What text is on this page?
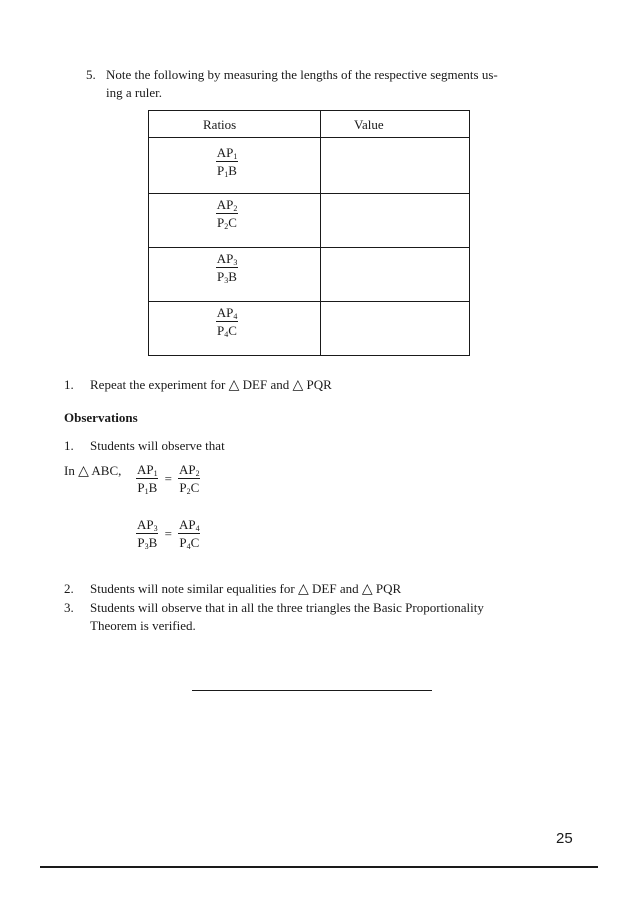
5. Note the following by measuring the lengths of the respective segments us-
ing a ruler.
Ratios	Value
$\frac{AP_1}{P_1B}$
$\frac{AP_2}{P_2C}$
$\frac{AP_3}{P_3B}$
$\frac{AP_4}{P_4C}$
1. Repeat the experiment for △ DEF and △ PQR
Observations
1. Students will observe that
In △ ABC, $\frac{AP_1}{P_1B} = \frac{AP_2}{P_2C}$
$\frac{AP_3}{P_3B} = \frac{AP_4}{P_4C}$
2. Students will note similar equalities for △ DEF and △ PQR
3. Students will observe that in all the three triangles the Basic Proportionality
Theorem is verified.
25
